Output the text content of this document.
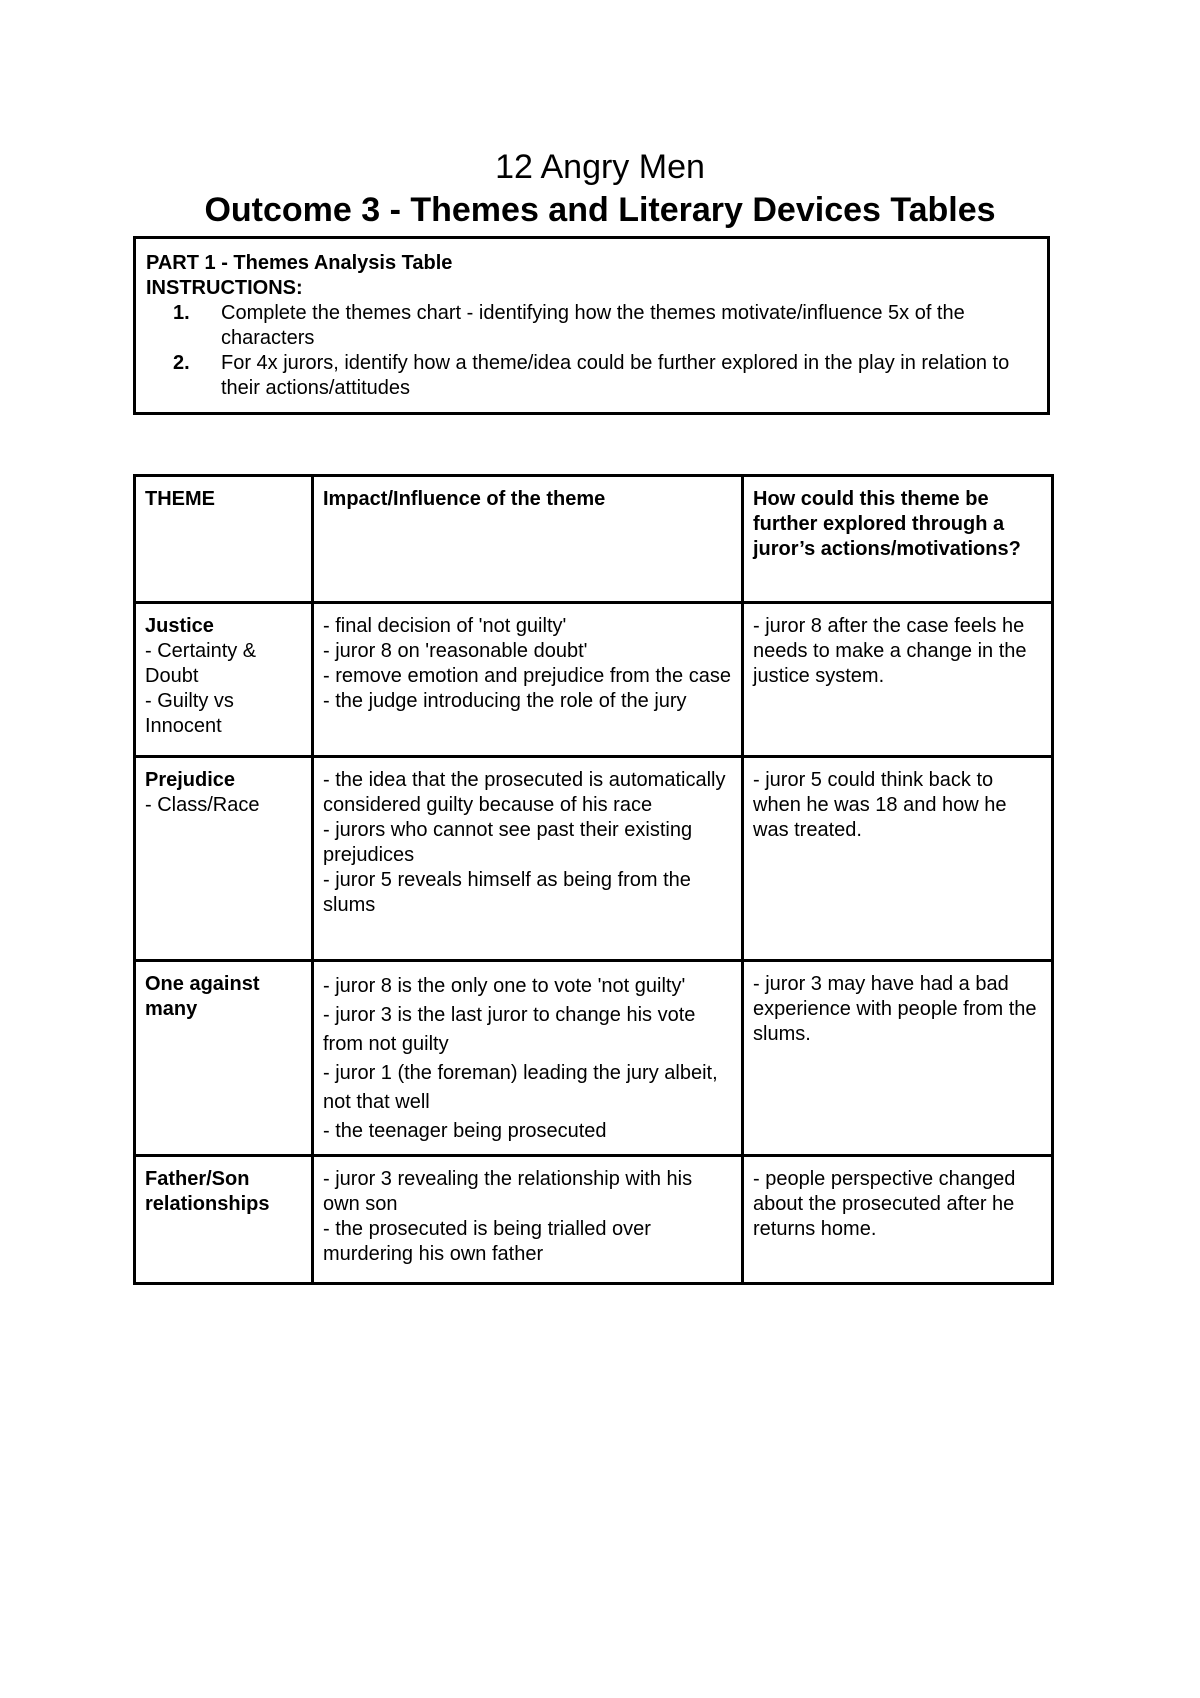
12 Angry Men
Outcome 3 - Themes and Literary Devices Tables
PART 1 - Themes Analysis Table
INSTRUCTIONS:
1. Complete the themes chart - identifying how the themes motivate/influence 5x of the characters
2. For 4x jurors, identify how a theme/idea could be further explored in the play in relation to their actions/attitudes
THEME	Impact/Influence of the theme	How could this theme be further explored through a juror’s actions/motivations?

Justice
- Certainty & Doubt
- Guilty vs Innocent	- final decision of 'not guilty'
- juror 8 on 'reasonable doubt'
- remove emotion and prejudice from the case
- the judge introducing the role of the jury	- juror 8 after the case feels he needs to make a change in the justice system.

Prejudice
- Class/Race	- the idea that the prosecuted is automatically considered guilty because of his race
- jurors who cannot see past their existing prejudices
- juror 5 reveals himself as being from the slums	- juror 5 could think back to when he was 18 and how he was treated.

One against many	- juror 8 is the only one to vote 'not guilty'
- juror 3 is the last juror to change his vote from not guilty
- juror 1 (the foreman) leading the jury albeit, not that well
- the teenager being prosecuted	- juror 3 may have had a bad experience with people from the slums.

Father/Son relationships	- juror 3 revealing the relationship with his own son
- the prosecuted is being trialled over murdering his own father	- people perspective changed about the prosecuted after he returns home.
